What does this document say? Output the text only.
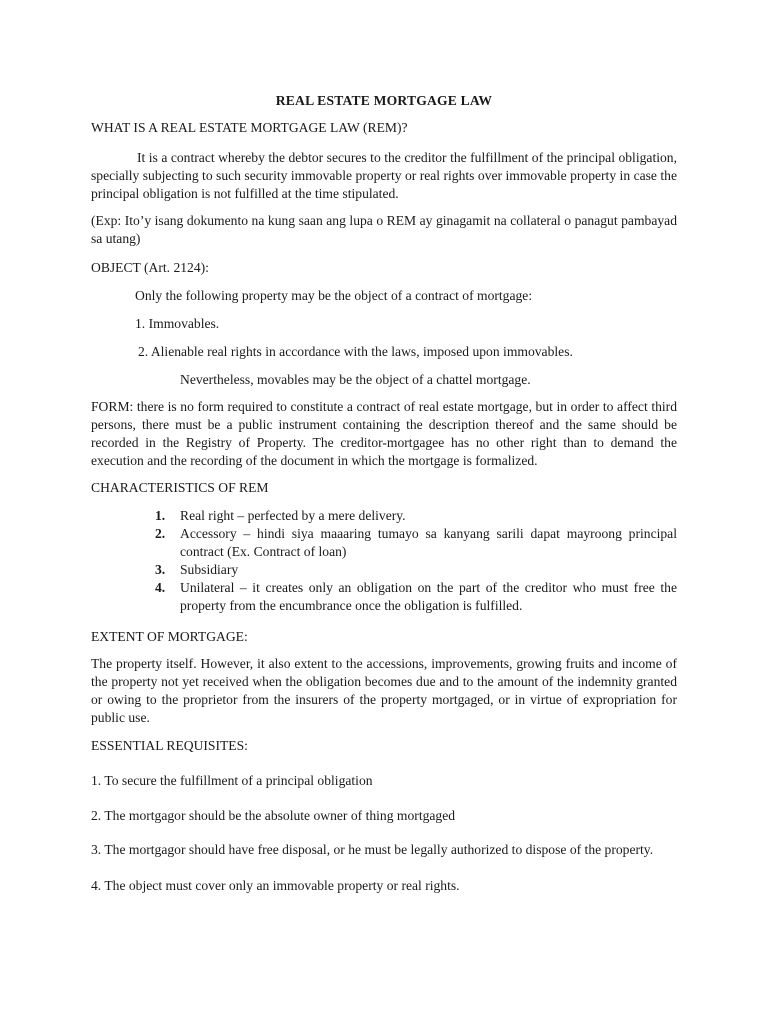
REAL ESTATE MORTGAGE LAW
WHAT IS A REAL ESTATE MORTGAGE LAW (REM)?
It is a contract whereby the debtor secures to the creditor the fulfillment of the principal obligation, specially subjecting to such security immovable property or real rights over immovable property in case the principal obligation is not fulfilled at the time stipulated.
(Exp: Ito’y isang dokumento na kung saan ang lupa o REM ay ginagamit na collateral o panagut pambayad sa utang)
OBJECT (Art. 2124):
Only the following property may be the object of a contract of mortgage:
1. Immovables.
2. Alienable real rights in accordance with the laws, imposed upon immovables.
Nevertheless, movables may be the object of a chattel mortgage.
FORM: there is no form required to constitute a contract of real estate mortgage, but in order to affect third persons, there must be a public instrument containing the description thereof and the same should be recorded in the Registry of Property. The creditor-mortgagee has no other right than to demand the execution and the recording of the document in which the mortgage is formalized.
CHARACTERISTICS OF REM
1. Real right – perfected by a mere delivery.
2. Accessory – hindi siya maaaring tumayo sa kanyang sarili dapat mayroong principal contract (Ex. Contract of loan)
3. Subsidiary
4. Unilateral – it creates only an obligation on the part of the creditor who must free the property from the encumbrance once the obligation is fulfilled.
EXTENT OF MORTGAGE:
The property itself. However, it also extent to the accessions, improvements, growing fruits and income of the property not yet received when the obligation becomes due and to the amount of the indemnity granted or owing to the proprietor from the insurers of the property mortgaged, or in virtue of expropriation for public use.
ESSENTIAL REQUISITES:
1. To secure the fulfillment of a principal obligation
2. The mortgagor should be the absolute owner of thing mortgaged
3. The mortgagor should have free disposal, or he must be legally authorized to dispose of the property.
4. The object must cover only an immovable property or real rights.
